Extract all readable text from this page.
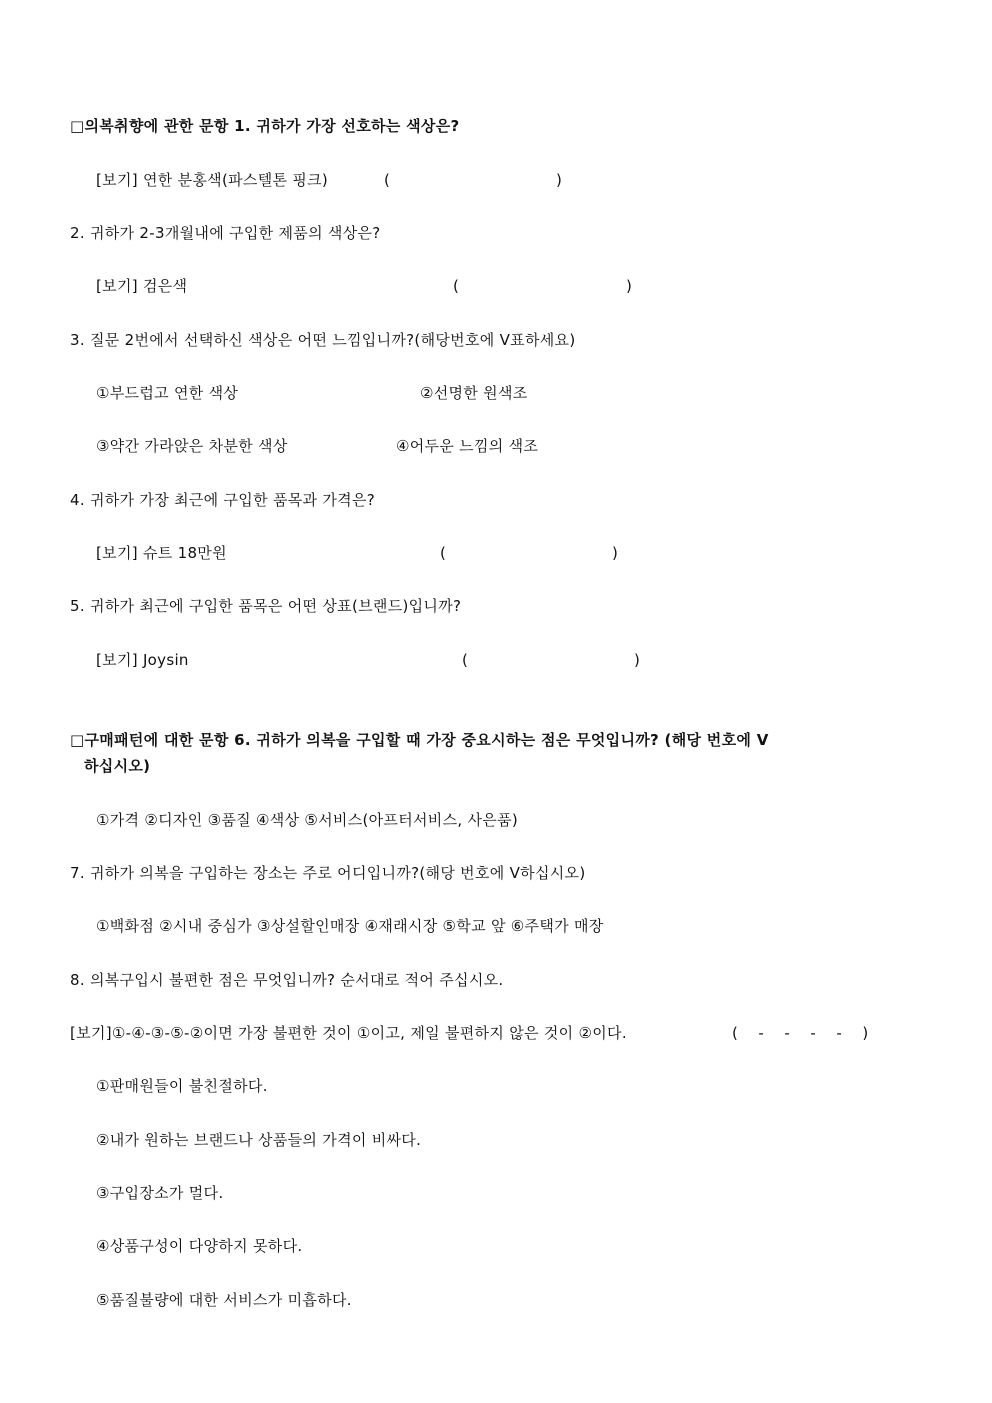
□의복취향에 관한 문항 1. 귀하가 가장 선호하는 색상은?
[보기] 연한 분홍색(파스텔톤 핑크)	(	)
2. 귀하가 2-3개월내에 구입한 제품의 색상은?
[보기] 검은색	(	)
3. 질문 2번에서 선택하신 색상은 어떤 느낌입니까?(해당번호에 V표하세요)
①부드럽고 연한 색상	②선명한 원색조
③약간 가라앉은 차분한 색상	④어두운 느낌의 색조
4. 귀하가 가장 최근에 구입한 품목과 가격은?
[보기] 슈트 18만원	(	)
5. 귀하가 최근에 구입한 품목은 어떤 상표(브랜드)입니까?
[보기] Joysin	(	)
□구매패턴에 대한 문항 6. 귀하가 의복을 구입할 때 가장 중요시하는 점은 무엇입니까? (해당 번호에 V
하십시오)
①가격 ②디자인 ③품질 ④색상 ⑤서비스(아프터서비스, 사은품)
7. 귀하가 의복을 구입하는 장소는 주로 어디입니까?(해당 번호에 V하십시오)
①백화점 ②시내 중심가 ③상설할인매장 ④재래시장 ⑤학교 앞 ⑥주택가 매장
8. 의복구입시 불편한 점은 무엇입니까? 순서대로 적어 주십시오.
[보기]①-④-③-⑤-②이면 가장 불편한 것이 ①이고, 제일 불편하지 않은 것이 ②이다.	(    -    -    -    -    )
①판매원들이 불친절하다.
②내가 원하는 브랜드나 상품들의 가격이 비싸다.
③구입장소가 멀다.
④상품구성이 다양하지 못하다.
⑤품질불량에 대한 서비스가 미흡하다.
